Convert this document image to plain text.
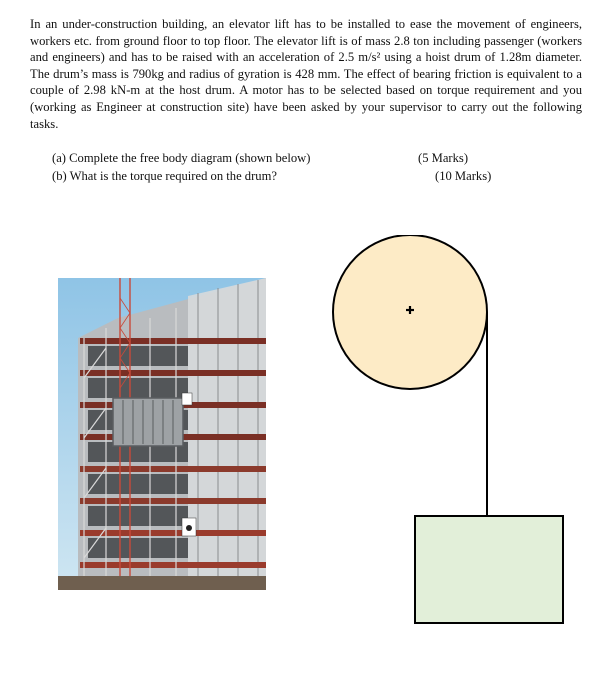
In an under-construction building, an elevator lift has to be installed to ease the movement of engineers, workers etc. from ground floor to top floor. The elevator lift is of mass 2.8 ton including passenger (workers and engineers) and has to be raised with an acceleration of 2.5 m/s² using a hoist drum of 1.28m diameter. The drum’s mass is 790kg and radius of gyration is 428 mm. The effect of bearing friction is equivalent to a couple of 2.98 kN-m at the host drum. A motor has to be selected based on torque requirement and you (working as Engineer at construction site) have been asked by your supervisor to carry out the following tasks.

(a) Complete the free body diagram (shown below)	(5 Marks)
(b) What is the torque required on the drum?	(10 Marks)
